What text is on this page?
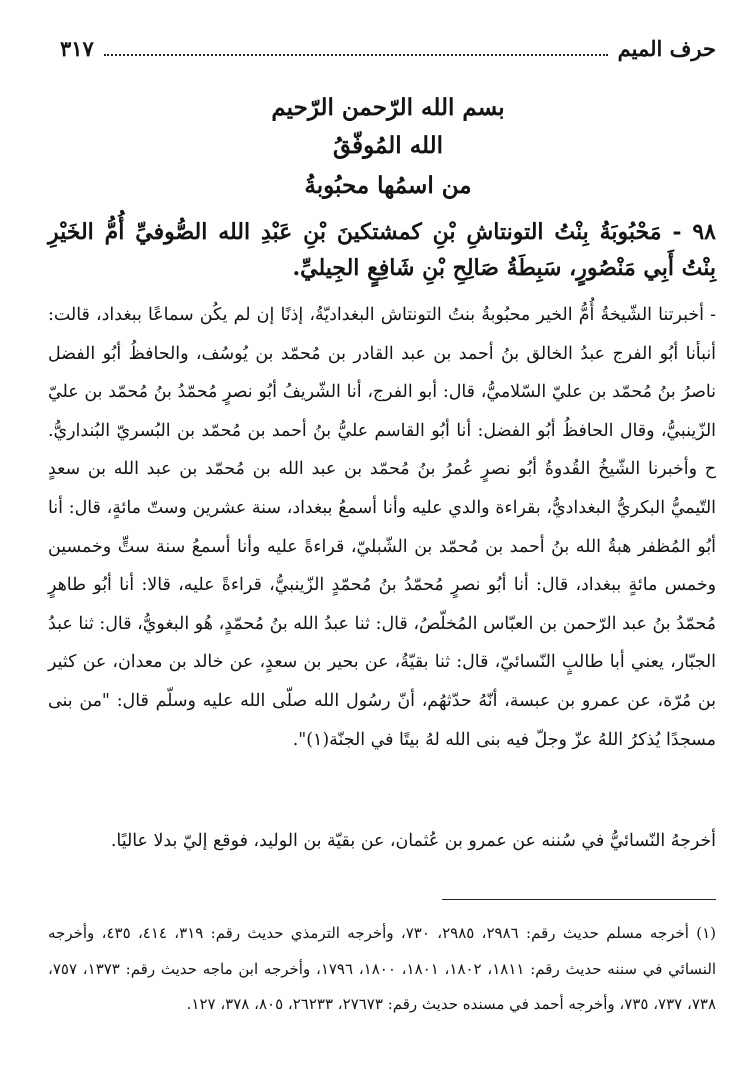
حرف الميم
٣١٧
بسم الله الرّحمن الرّحيم
الله المُوفّقُ
من اسمُها محبُوبةُ
٩٨ - مَحْبُوبَةُ بِنْتُ التونتاشِ بْنِ كمشتكينَ بْنِ عَبْدِ الله الصُّوفيِّ أُمُّ الخَيْرِ بِنْتُ أَبِي مَنْصُورٍ، سَبِطَةُ صَالِحِ بْنِ شَافِعٍ الجِيليِّ.

- أخبرتنا الشّيخةُ أُمُّ الخير محبُوبةُ بنتُ التونتاش البغداديّةُ، إذنًا إن لم يكُن سماعًا ببغداد، قالت: أنبأنا أبُو الفرج عبدُ الخالق بنُ أحمد بن عبد القادر بن مُحمّد بن يُوسُف، والحافظُ أبُو الفضل ناصرُ بنُ مُحمّد بن عليّ السّلاميُّ، قال: أبو الفرج، أنا الشّريفُ أبُو نصرٍ مُحمّدُ بنُ مُحمّد بن عليّ الزّينبيُّ، وقال الحافظُ أبُو الفضل: أنا أبُو القاسم عليُّ بنُ أحمد بن مُحمّد بن البُسريّ البُنداريُّ. ح وأخبرنا الشّيخُ القُدوةُ أبُو نصرٍ عُمرُ بنُ مُحمّد بن عبد الله بن مُحمّد بن عبد الله بن سعدٍ التّيميُّ البكريُّ البغداديُّ، بقراءة والدي عليه وأنا أسمعُ ببغداد، سنة عشرين وستّ مائةٍ، قال: أنا أبُو المُظفر هبةُ الله بنُ أحمد بن مُحمّد بن الشّبليّ، قراءةً عليه وأنا أسمعُ سنة ستٍّ وخمسين وخمس مائةٍ ببغداد، قال: أنا أبُو نصرٍ مُحمّدُ بنُ مُحمّدٍ الزّينبيُّ، قراءةً عليه، قالا: أنا أبُو طاهرٍ مُحمّدُ بنُ عبد الرّحمن بن العبّاس المُخلّصُ، قال: ثنا عبدُ الله بنُ مُحمّدٍ، هُو البغويُّ، قال: ثنا عبدُ الجبّار، يعني أبا طالبٍ النّسائيّ، قال: ثنا بقيّةُ، عن بحير بن سعدٍ، عن خالد بن معدان، عن كثير بن مُرّة، عن عمرو بن عبسة، أنّهُ حدّثهُم، أنّ رسُول الله صلّى الله عليه وسلّم قال: "من بنى مسجدًا يُذكرُ اللهُ عزّ وجلّ فيه بنى الله لهُ بيتًا في الجنّة(١)".

أخرجهُ النّسائيُّ في سُننه عن عمرو بن عُثمان، عن بقيّة بن الوليد، فوقع إليّ بدلا عاليًا.

(١) أخرجه مسلم حديث رقم: ٢٩٨٦، ٢٩٨٥، ٧٣٠، وأخرجه الترمذي حديث رقم: ٣١٩، ٤١٤، ٤٣٥، وأخرجه النسائي في سننه حديث رقم: ١٨١١، ١٨٠٢، ١٨٠١، ١٨٠٠، ١٧٩٦، وأخرجه ابن ماجه حديث رقم: ١٣٧٣، ٧٥٧، ٧٣٨، ٧٣٧، ٧٣٥، وأخرجه أحمد في مسنده حديث رقم: ٢٧٦٧٣، ٢٦٢٣٣، ٨٠٥، ٣٧٨، ١٢٧.
